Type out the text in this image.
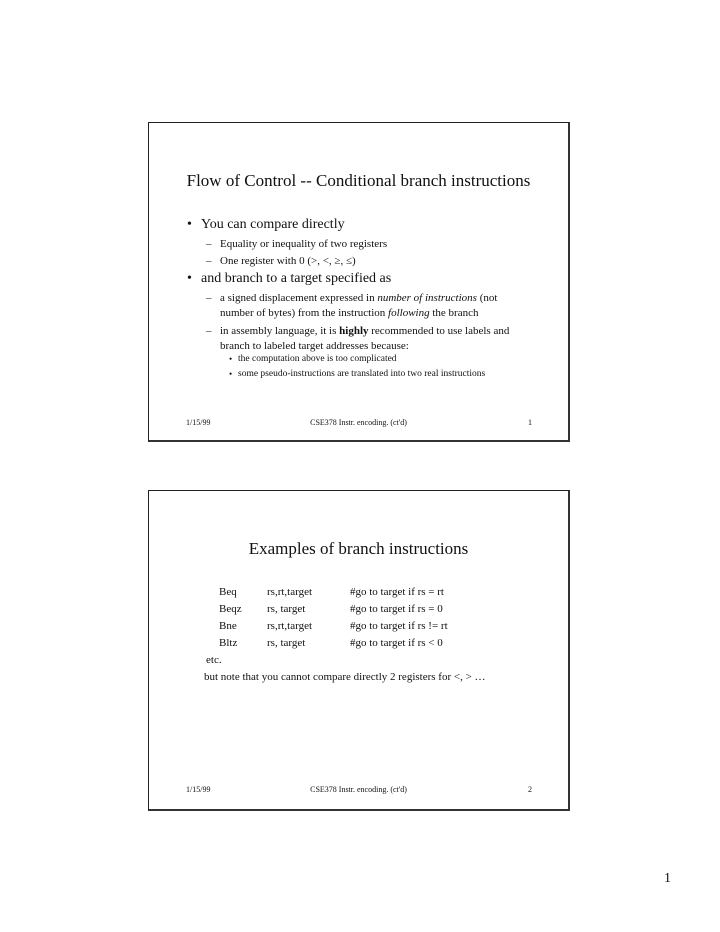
Flow of Control -- Conditional branch instructions
• You can compare directly
– Equality or inequality of two registers
– One register with 0 (>, <, ≥, ≤)
• and branch to a target specified as
– a signed displacement expressed in number of instructions (not
number of bytes) from the instruction following the branch
– in assembly language, it is highly recommended to use labels and
branch to labeled target addresses because:
• the computation above is too complicated
• some pseudo-instructions are translated into two real instructions
1/15/99	CSE378 Instr. encoding. (ct'd)	1
Examples of branch instructions
Beq	rs,rt,target	#go to target if rs = rt
Beqz rs, target	#go to target if rs = 0
Bne	rs,rt,target	#go to target if rs != rt
Bltz	rs, target	#go to target if rs < 0
etc.
but note that you cannot compare directly 2 registers for <, > …
1/15/99	CSE378 Instr. encoding. (ct'd)	2
1
